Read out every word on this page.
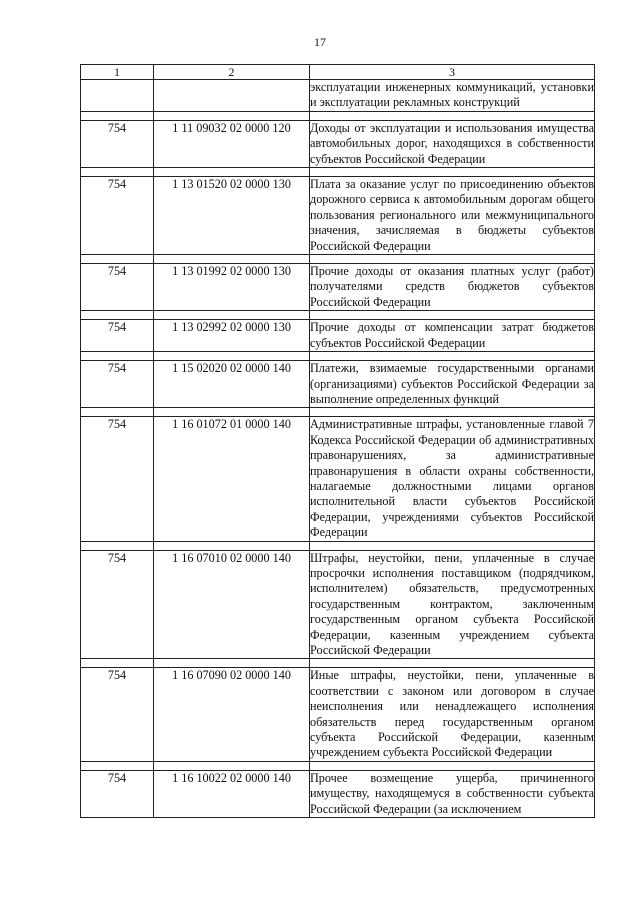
17
1	2	3
		эксплуатации инженерных коммуникаций, установки и эксплуатации рекламных конструкций

754	1 11 09032 02 0000 120	Доходы от эксплуатации и использования имущества автомобильных дорог, находящихся в собственности субъектов Российской Федерации

754	1 13 01520 02 0000 130	Плата за оказание услуг по присоединению объектов дорожного сервиса к автомобильным дорогам общего пользования регионального или межмуниципального значения, зачисляемая в бюджеты субъектов Российской Федерации

754	1 13 01992 02 0000 130	Прочие доходы от оказания платных услуг (работ) получателями средств бюджетов субъектов Российской Федерации

754	1 13 02992 02 0000 130	Прочие доходы от компенсации затрат бюджетов субъектов Российской Федерации

754	1 15 02020 02 0000 140	Платежи, взимаемые государственными органами (организациями) субъектов Российской Федерации за выполнение определенных функций

754	1 16 01072 01 0000 140	Административные штрафы, установленные главой 7 Кодекса Российской Федерации об административных правонарушениях, за административные правонарушения в области охраны собственности, налагаемые должностными лицами органов исполнительной власти субъектов Российской Федерации, учреждениями субъектов Российской Федерации

754	1 16 07010 02 0000 140	Штрафы, неустойки, пени, уплаченные в случае просрочки исполнения поставщиком (подрядчиком, исполнителем) обязательств, предусмотренных государственным контрактом, заключенным государственным органом субъекта Российской Федерации, казенным учреждением субъекта Российской Федерации

754	1 16 07090 02 0000 140	Иные штрафы, неустойки, пени, уплаченные в соответствии с законом или договором в случае неисполнения или ненадлежащего исполнения обязательств перед государственным органом субъекта Российской Федерации, казенным учреждением субъекта Российской Федерации

754	1 16 10022 02 0000 140	Прочее возмещение ущерба, причиненного имуществу, находящемуся в собственности субъекта Российской Федерации (за исключением
